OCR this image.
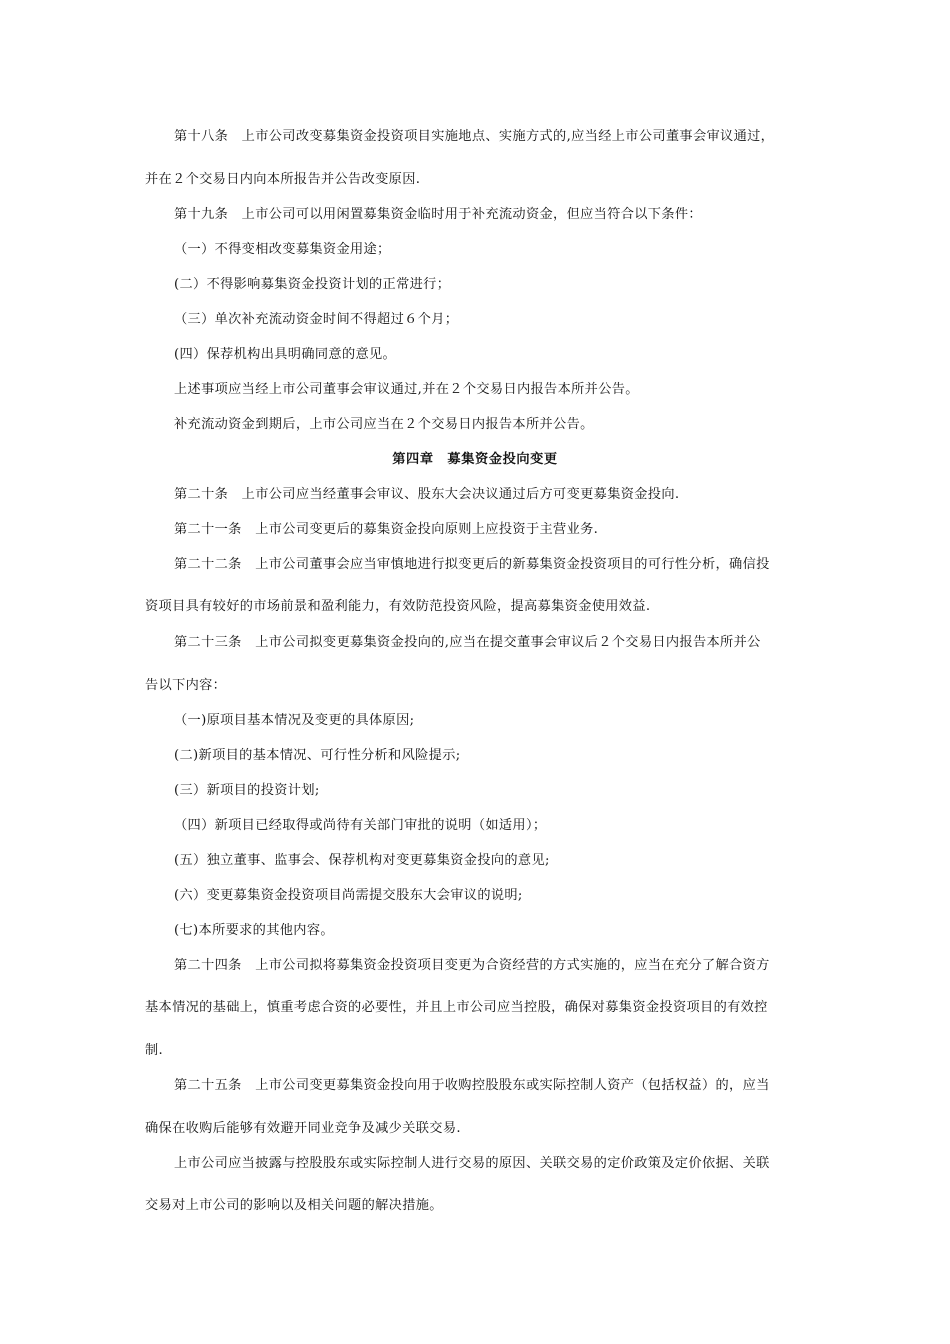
第十八条　上市公司改变募集资金投资项目实施地点、实施方式的,应当经上市公司董事会审议通过，
并在２个交易日内向本所报告并公告改变原因.
第十九条　上市公司可以用闲置募集资金临时用于补充流动资金，但应当符合以下条件：
（一）不得变相改变募集资金用途；
(二）不得影响募集资金投资计划的正常进行；
（三）单次补充流动资金时间不得超过６个月；
(四）保荐机构出具明确同意的意见。
上述事项应当经上市公司董事会审议通过,并在２个交易日内报告本所并公告。
补充流动资金到期后，上市公司应当在２个交易日内报告本所并公告。
第四章　募集资金投向变更
第二十条　上市公司应当经董事会审议、股东大会决议通过后方可变更募集资金投向.
第二十一条　上市公司变更后的募集资金投向原则上应投资于主营业务.
第二十二条　上市公司董事会应当审慎地进行拟变更后的新募集资金投资项目的可行性分析，确信投
资项目具有较好的市场前景和盈利能力，有效防范投资风险，提高募集资金使用效益.
第二十三条　上市公司拟变更募集资金投向的,应当在提交董事会审议后２个交易日内报告本所并公
告以下内容：
（一)原项目基本情况及变更的具体原因;
(二)新项目的基本情况、可行性分析和风险提示;
(三）新项目的投资计划;
（四）新项目已经取得或尚待有关部门审批的说明（如适用）；
(五）独立董事、监事会、保荐机构对变更募集资金投向的意见;
(六）变更募集资金投资项目尚需提交股东大会审议的说明;
(七)本所要求的其他内容。
第二十四条　上市公司拟将募集资金投资项目变更为合资经营的方式实施的，应当在充分了解合资方
基本情况的基础上，慎重考虑合资的必要性，并且上市公司应当控股，确保对募集资金投资项目的有效控
制.
第二十五条　上市公司变更募集资金投向用于收购控股股东或实际控制人资产（包括权益）的，应当
确保在收购后能够有效避开同业竞争及减少关联交易.
上市公司应当披露与控股股东或实际控制人进行交易的原因、关联交易的定价政策及定价依据、关联
交易对上市公司的影响以及相关问题的解决措施。
